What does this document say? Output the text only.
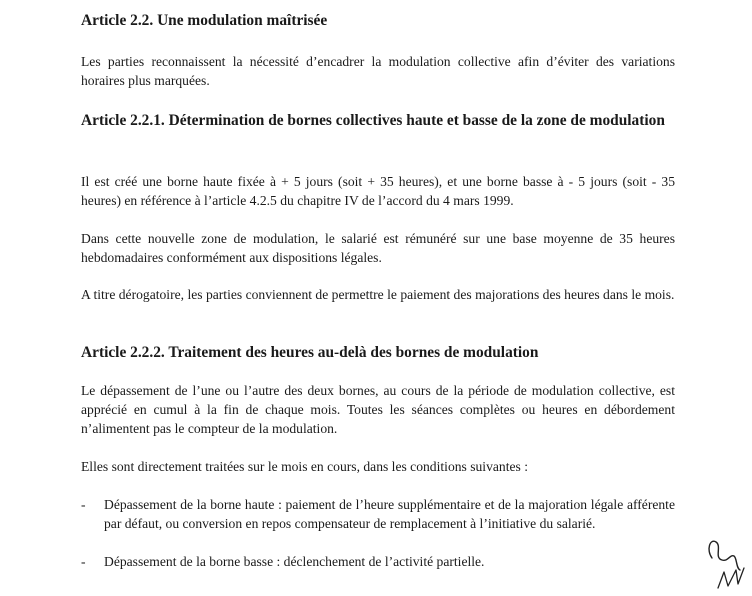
Article 2.2. Une modulation maîtrisée

Les parties reconnaissent la nécessité d’encadrer la modulation collective afin d’éviter des variations horaires plus marquées.

Article 2.2.1. Détermination de bornes collectives haute et basse de la zone de modulation

Il est créé une borne haute fixée à + 5 jours (soit + 35 heures), et une borne basse à - 5 jours (soit - 35 heures) en référence à l’article 4.2.5 du chapitre IV de l’accord du 4 mars 1999.

Dans cette nouvelle zone de modulation, le salarié est rémunéré sur une base moyenne de 35 heures hebdomadaires conformément aux dispositions légales.

A titre dérogatoire, les parties conviennent de permettre le paiement des majorations des heures dans le mois.

Article 2.2.2. Traitement des heures au-delà des bornes de modulation

Le dépassement de l’une ou l’autre des deux bornes, au cours de la période de modulation collective, est apprécié en cumul à la fin de chaque mois. Toutes les séances complètes ou heures en débordement n’alimentent pas le compteur de la modulation.

Elles sont directement traitées sur le mois en cours, dans les conditions suivantes :

-	Dépassement de la borne haute : paiement de l’heure supplémentaire et de la majoration légale afférente par défaut, ou conversion en repos compensateur de remplacement à l’initiative du salarié.
-	Dépassement de la borne basse : déclenchement de l’activité partielle.
